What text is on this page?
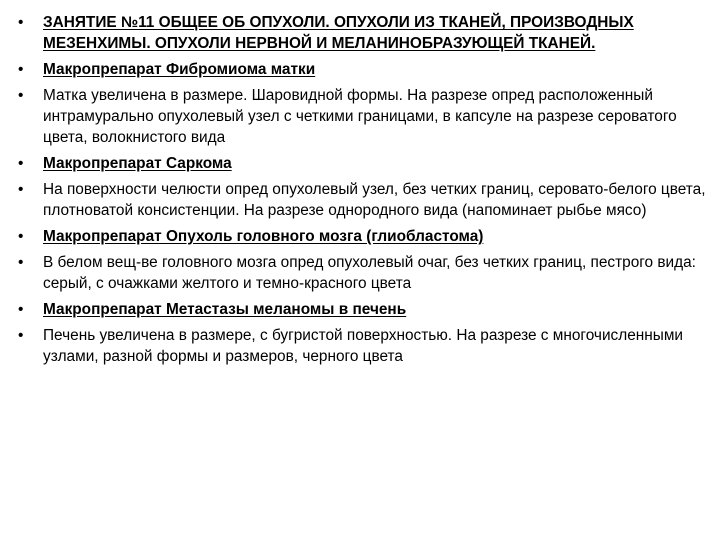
•	ЗАНЯТИЕ №11 ОБЩЕЕ ОБ ОПУХОЛИ. ОПУХОЛИ ИЗ ТКАНЕЙ, ПРОИЗВОДНЫХ МЕЗЕНХИМЫ. ОПУХОЛИ НЕРВНОЙ И МЕЛАНИНОБРАЗУЮЩЕЙ ТКАНЕЙ.
•	Макропрепарат Фибромиома матки
•	Матка увеличена в размере. Шаровидной формы. На разрезе опред расположенный интрамурально опухолевый узел с четкими границами, в капсуле на разрезе сероватого цвета, волокнистого вида
•	Макропрепарат Саркома
•	На поверхности челюсти опред опухолевый узел, без четких границ, серовато-белого цвета, плотноватой консистенции. На разрезе однородного вида (напоминает рыбье мясо)
•	Макропрепарат Опухоль головного мозга (глиобластома)
•	В белом вещ-ве головного мозга опред опухолевый очаг, без четких границ, пестрого вида: серый, с очажками желтого и темно-красного цвета
•	Макропрепарат Метастазы меланомы в печень
•	Печень увеличена в размере, с бугристой поверхностью. На разрезе с многочисленными узлами, разной формы и размеров, черного цвета
